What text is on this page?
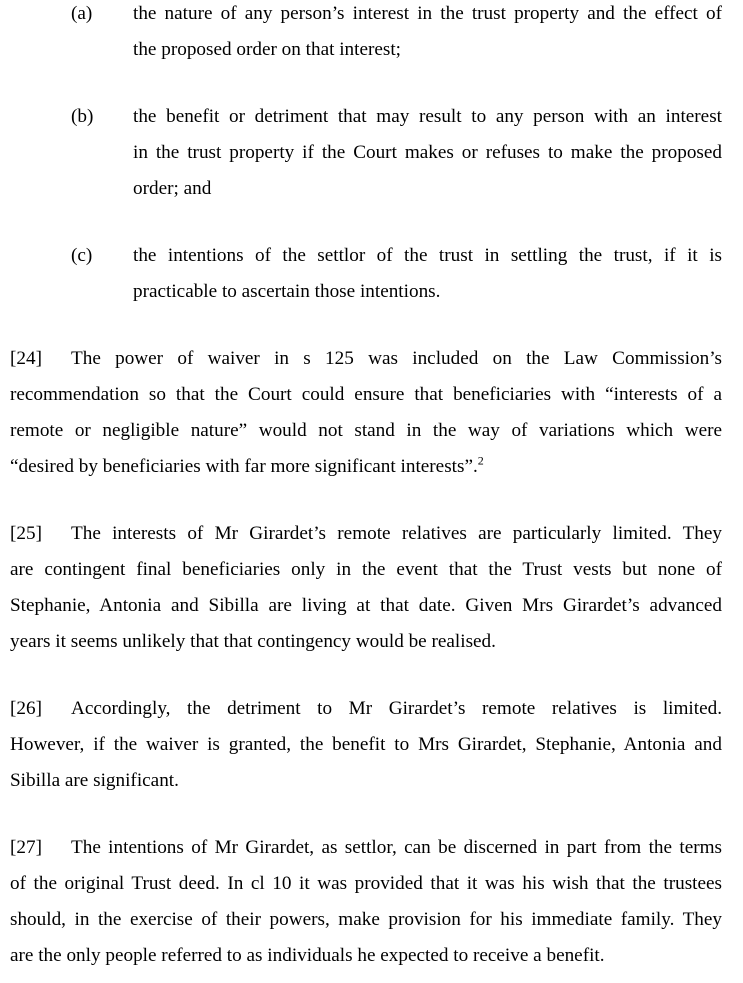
(a) the nature of any person’s interest in the trust property and the effect of
the proposed order on that interest;
(b) the benefit or detriment that may result to any person with an interest
in the trust property if the Court makes or refuses to make the proposed
order; and
(c) the intentions of the settlor of the trust in settling the trust, if it is
practicable to ascertain those intentions.
[24]	The power of waiver in s 125 was included on the Law Commission’s
recommendation so that the Court could ensure that beneficiaries with “interests of a
remote or negligible nature” would not stand in the way of variations which were
“desired by beneficiaries with far more significant interests”.$^2$
[25]	The interests of Mr Girardet’s remote relatives are particularly limited. They
are contingent final beneficiaries only in the event that the Trust vests but none of
Stephanie, Antonia and Sibilla are living at that date. Given Mrs Girardet’s advanced
years it seems unlikely that that contingency would be realised.
[26]	Accordingly, the detriment to Mr Girardet’s remote relatives is limited.
However, if the waiver is granted, the benefit to Mrs Girardet, Stephanie, Antonia and
Sibilla are significant.
[27]	The intentions of Mr Girardet, as settlor, can be discerned in part from the terms
of the original Trust deed. In cl 10 it was provided that it was his wish that the trustees
should, in the exercise of their powers, make provision for his immediate family. They
are the only people referred to as individuals he expected to receive a benefit.
